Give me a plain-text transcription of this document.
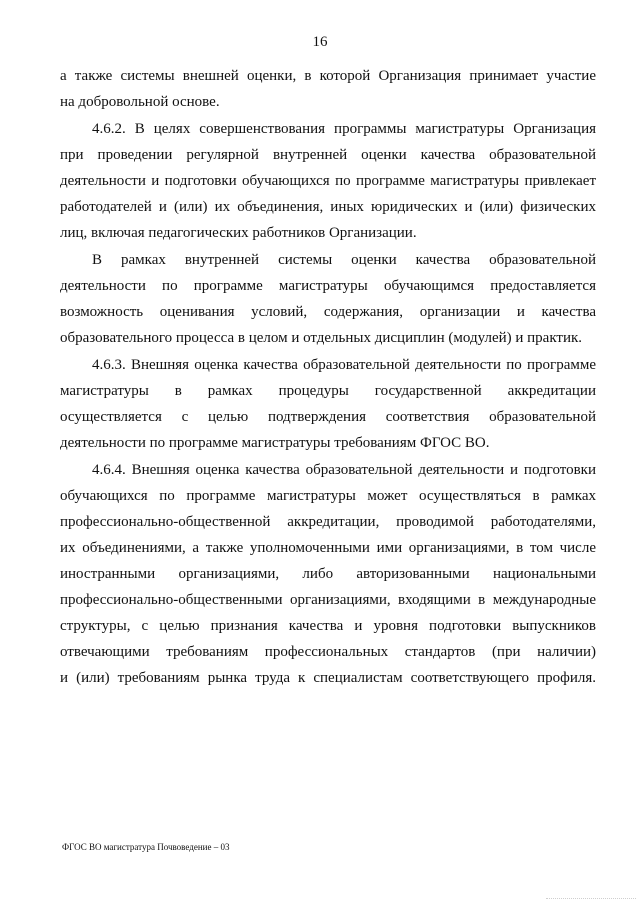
16
а также системы внешней оценки, в которой Организация принимает участие
на добровольной основе.
4.6.2. В целях совершенствования программы магистратуры Организация
при проведении регулярной внутренней оценки качества образовательной
деятельности и подготовки обучающихся по программе магистратуры привлекает
работодателей и (или) их объединения, иных юридических и (или) физических
лиц, включая педагогических работников Организации.
В рамках внутренней системы оценки качества образовательной
деятельности по программе магистратуры обучающимся предоставляется
возможность оценивания условий, содержания, организации и качества
образовательного процесса в целом и отдельных дисциплин (модулей) и практик.
4.6.3. Внешняя оценка качества образовательной деятельности по программе
магистратуры в рамках процедуры государственной аккредитации
осуществляется с целью подтверждения соответствия образовательной
деятельности по программе магистратуры требованиям ФГОС ВО.
4.6.4. Внешняя оценка качества образовательной деятельности и подготовки
обучающихся по программе магистратуры может осуществляться в рамках
профессионально-общественной аккредитации, проводимой работодателями,
их объединениями, а также уполномоченными ими организациями, в том числе
иностранными организациями, либо авторизованными национальными
профессионально-общественными организациями, входящими в международные
структуры, с целью признания качества и уровня подготовки выпускников
отвечающими требованиям профессиональных стандартов (при наличии)
и (или) требованиям рынка труда к специалистам соответствующего профиля.
ФГОС ВО магистратура Почвоведение – 03
